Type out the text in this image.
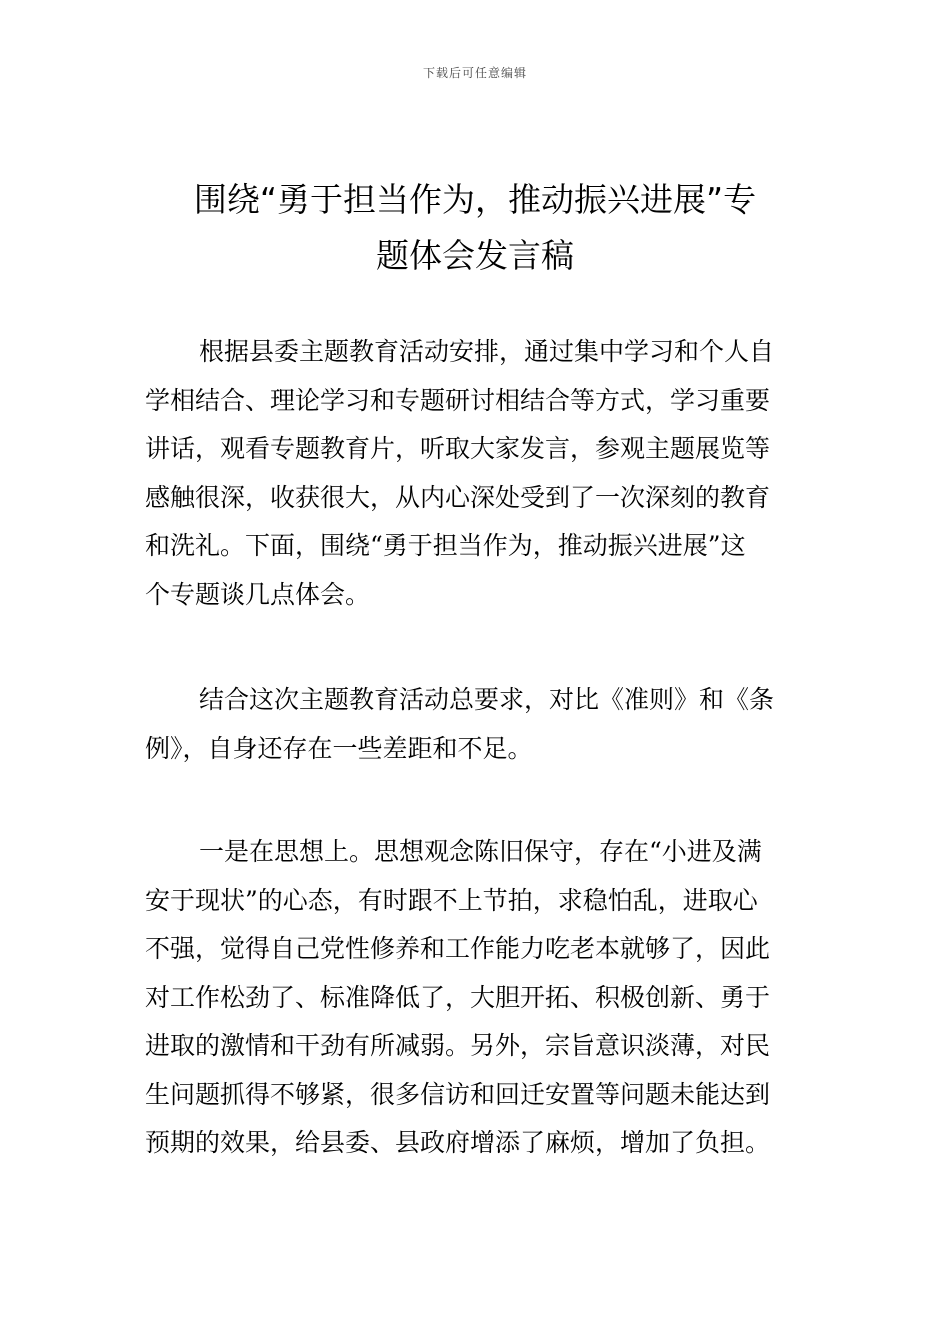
下载后可任意编辑
围绕“勇于担当作为，推动振兴进展”专
题体会发言稿
根据县委主题教育活动安排，通过集中学习和个人自
学相结合、理论学习和专题研讨相结合等方式，学习重要
讲话，观看专题教育片，听取大家发言，参观主题展览等
感触很深，收获很大，从内心深处受到了一次深刻的教育
和洗礼。下面，围绕“勇于担当作为，推动振兴进展”这
个专题谈几点体会。
结合这次主题教育活动总要求，对比《准则》和《条
例》，自身还存在一些差距和不足。
一是在思想上。思想观念陈旧保守，存在“小进及满
安于现状”的心态，有时跟不上节拍，求稳怕乱，进取心
不强，觉得自己党性修养和工作能力吃老本就够了，因此
对工作松劲了、标准降低了，大胆开拓、积极创新、勇于
进取的激情和干劲有所减弱。另外，宗旨意识淡薄，对民
生问题抓得不够紧，很多信访和回迁安置等问题未能达到
预期的效果，给县委、县政府增添了麻烦，增加了负担。
